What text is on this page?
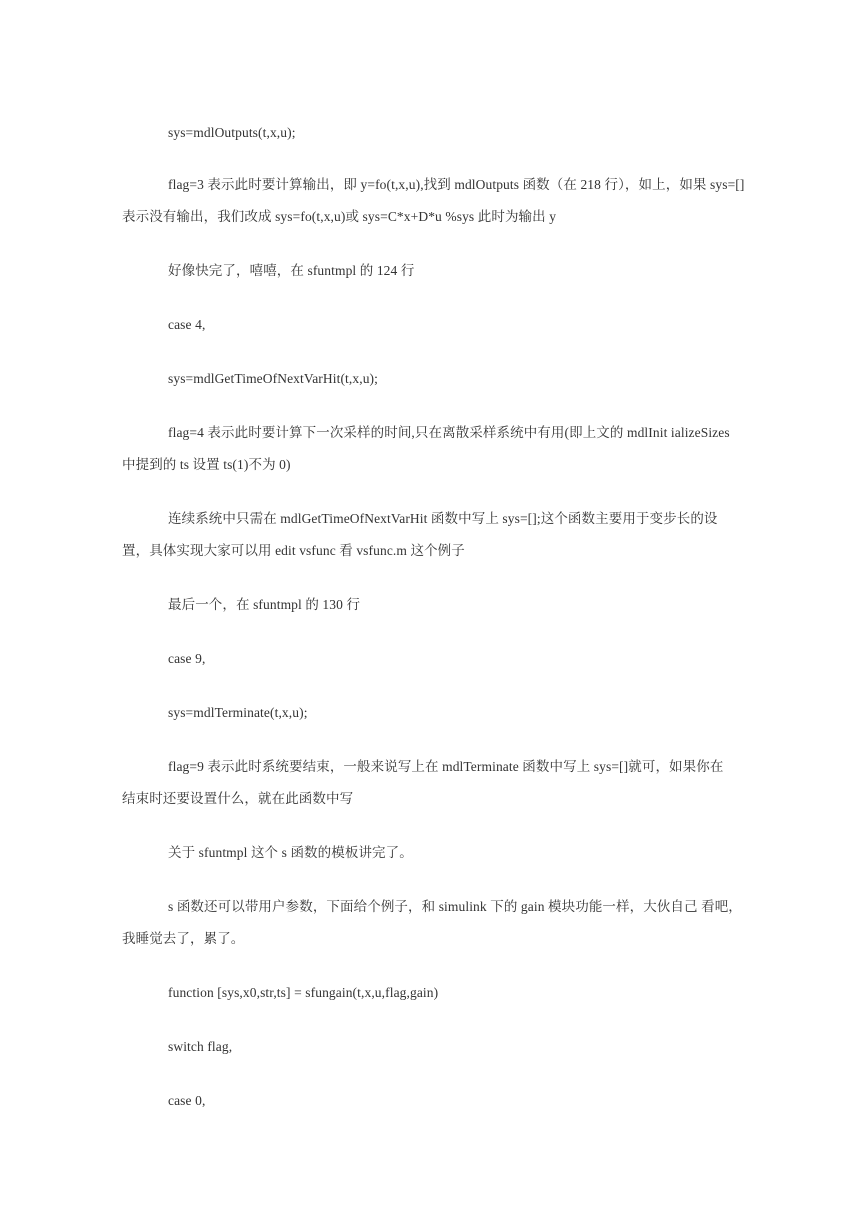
sys=mdlOutputs(t,x,u);
flag=3 表示此时要计算输出，即 y=fo(t,x,u),找到 mdlOutputs 函数（在 218 行），如上，如果 sys=[]
表示没有输出，我们改成 sys=fo(t,x,u)或 sys=C*x+D*u %sys 此时为输出 y
好像快完了，嘻嘻，在 sfuntmpl 的 124 行
case 4,
sys=mdlGetTimeOfNextVarHit(t,x,u);
flag=4 表示此时要计算下一次采样的时间,只在离散采样系统中有用(即上文的 mdlInit ializeSizes
中提到的 ts 设置 ts(1)不为 0)
连续系统中只需在 mdlGetTimeOfNextVarHit 函数中写上 sys=[];这个函数主要用于变步长的设
置，具体实现大家可以用 edit vsfunc 看 vsfunc.m 这个例子
最后一个，在 sfuntmpl 的 130 行
case 9,
sys=mdlTerminate(t,x,u);
flag=9 表示此时系统要结束，一般来说写上在 mdlTerminate 函数中写上 sys=[]就可，如果你在
结束时还要设置什么，就在此函数中写
关于 sfuntmpl 这个 s 函数的模板讲完了。
s 函数还可以带用户参数，下面给个例子，和 simulink 下的 gain 模块功能一样，大伙自己 看吧，
我睡觉去了，累了。
function [sys,x0,str,ts] = sfungain(t,x,u,flag,gain)
switch flag,
case 0,
